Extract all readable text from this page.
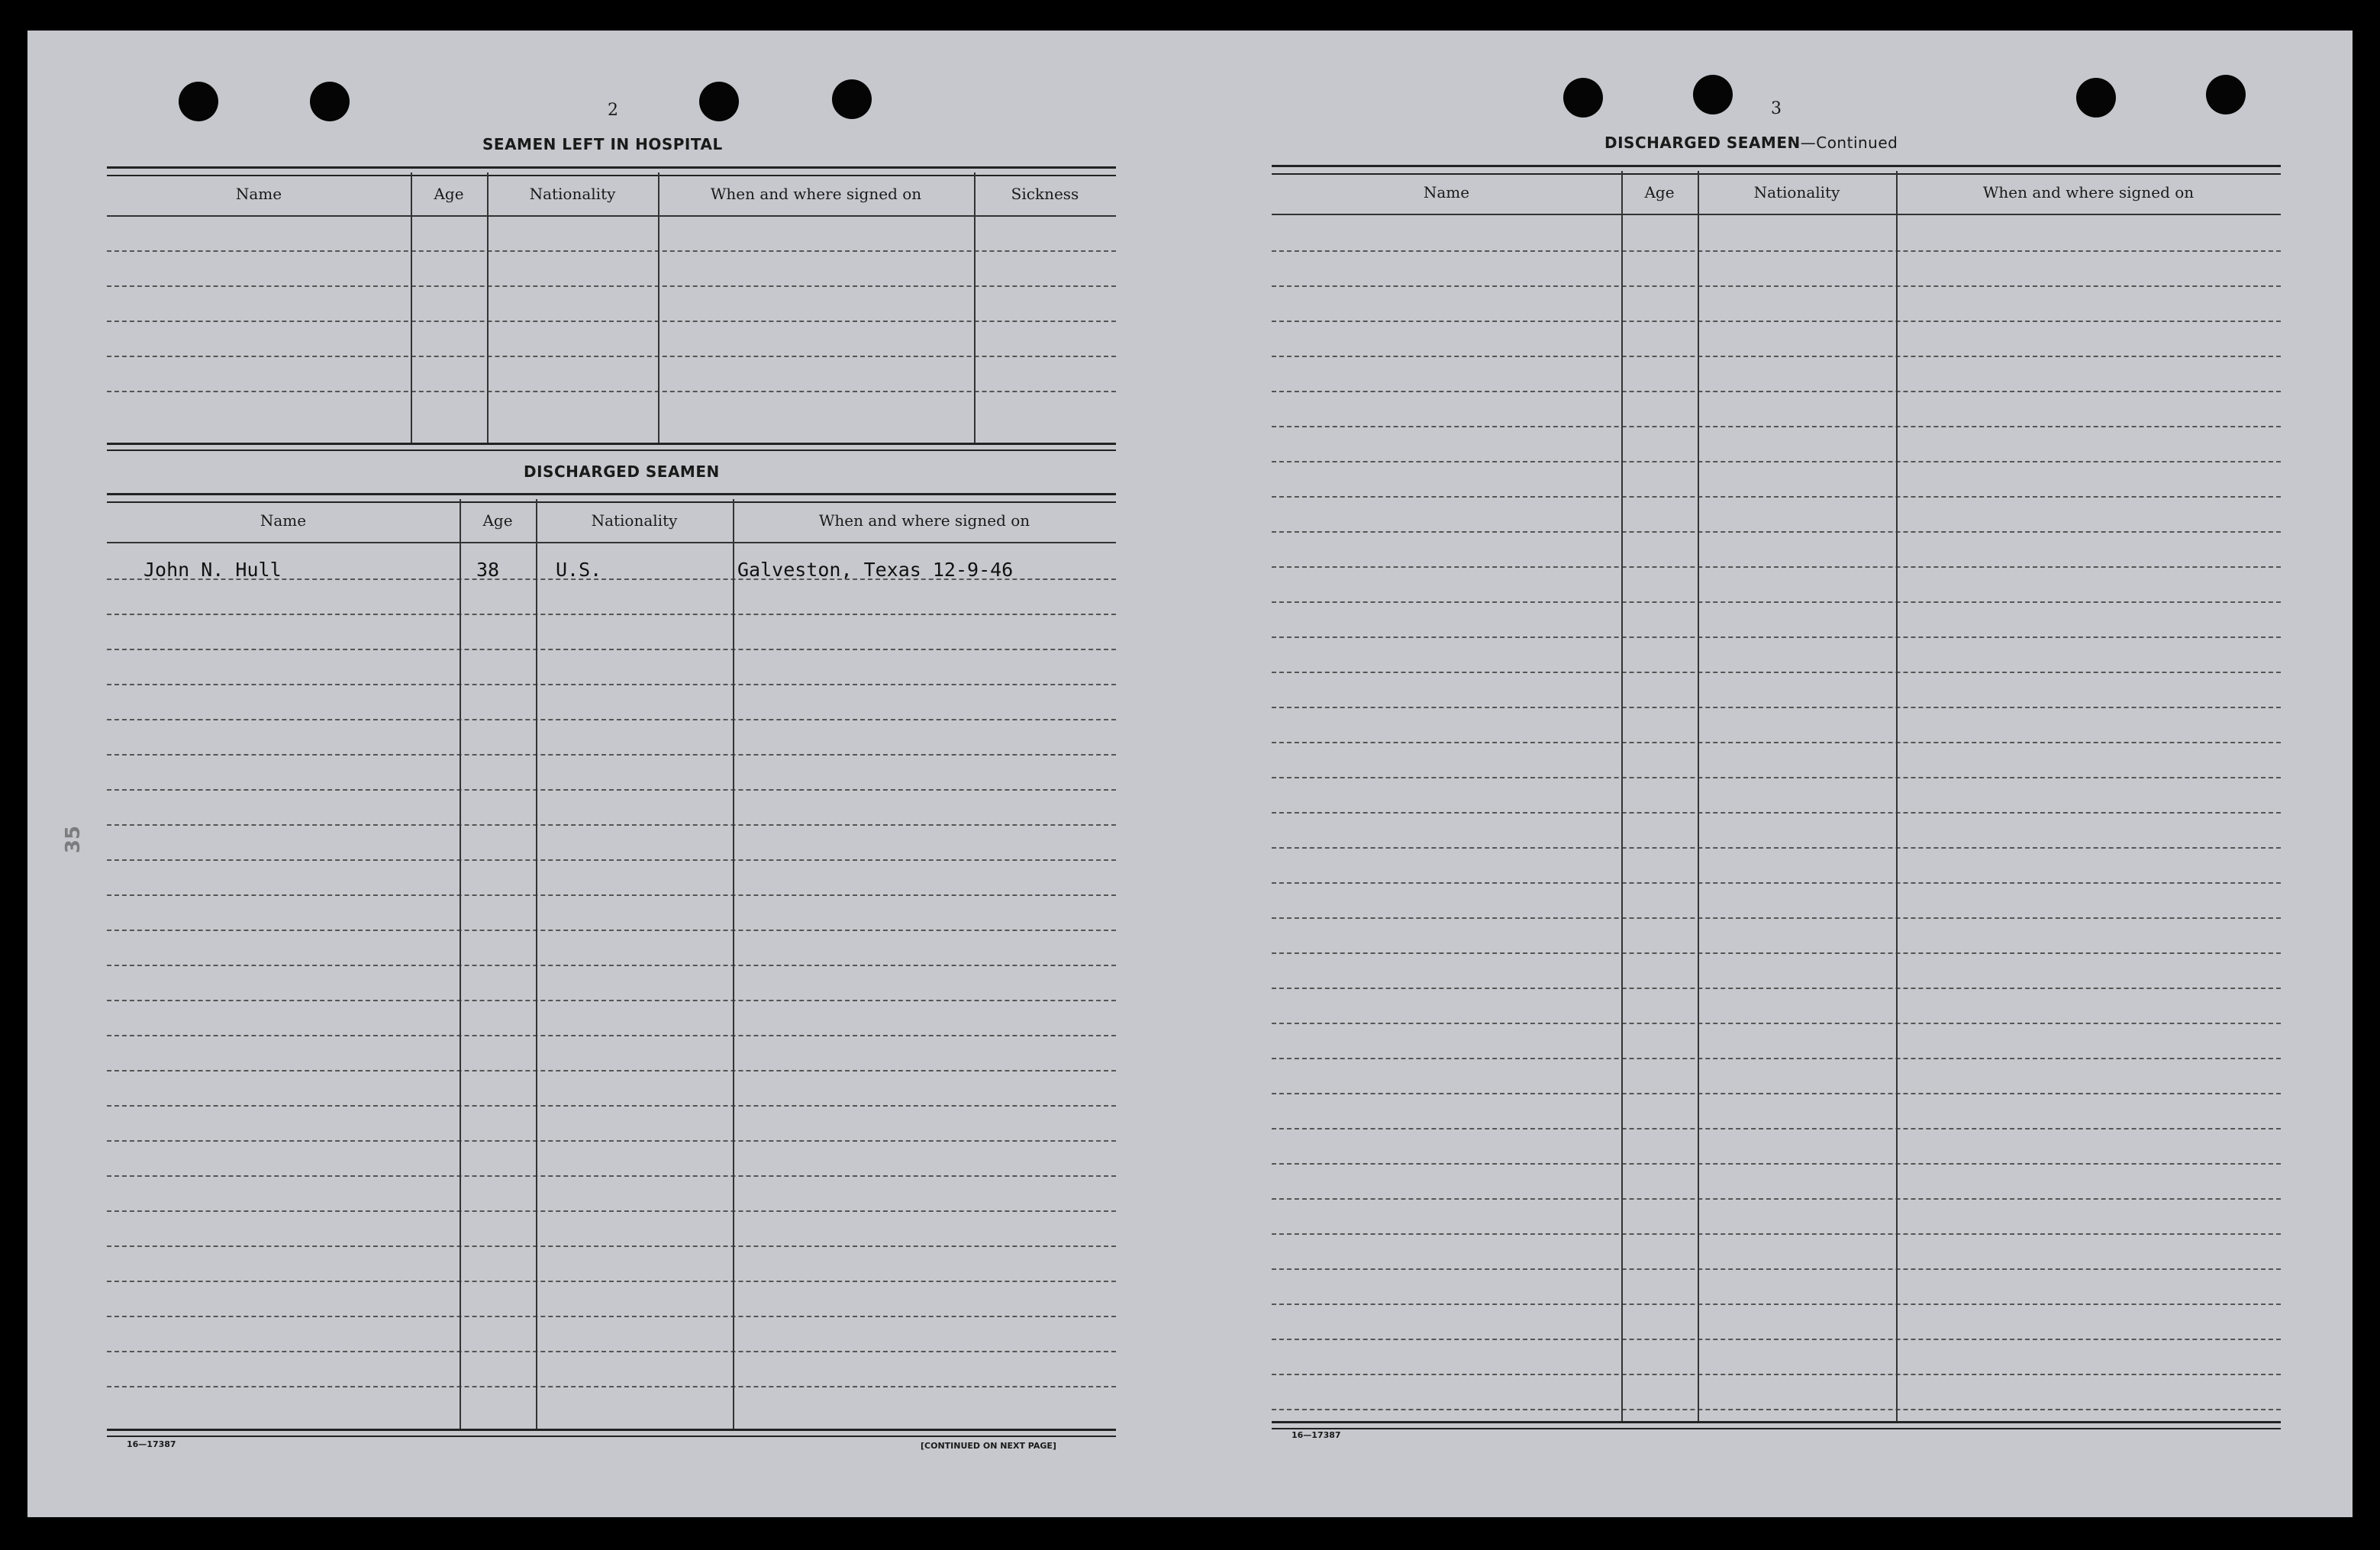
35
2
SEAMEN LEFT IN HOSPITAL
Name	Age	Nationality	When and where signed on	Sickness
DISCHARGED SEAMEN
Name	Age	Nationality	When and where signed on
John N. Hull	38	U.S.	Galveston, Texas 12-9-46
16—17387	[CONTINUED ON NEXT PAGE]
3
DISCHARGED SEAMEN—Continued
Name	Age	Nationality	When and where signed on
16—17387
